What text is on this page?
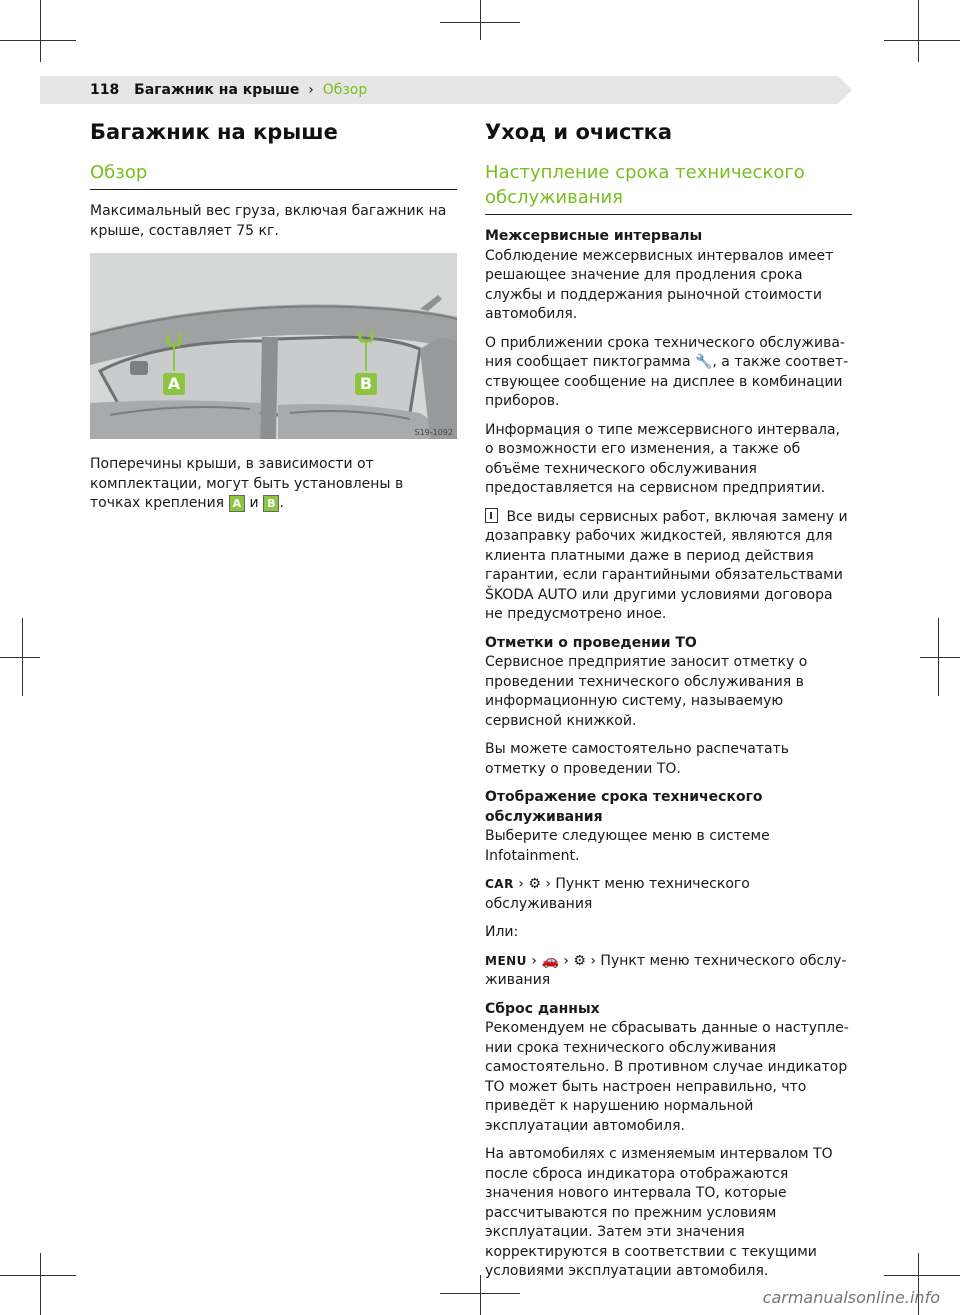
118 Багажник на крыше › Обзор
Багажник на крыше
Обзор

Максимальный вес груза, включая багажник на крыше, составляет 75 кг.

A	B
S19-1092

Поперечины крыши, в зависимости от комплектации, могут быть установлены в точках крепления A и B .

Уход и очистка
Наступление срока технического обслуживания

Межсервисные интервалы
Соблюдение межсервисных интервалов имеет решающее значение для продления срока службы и поддержания рыночной стоимости автомобиля.

О приближении срока технического обслуживания сообщает пиктограмма 🔧, а также соответствующее сообщение на дисплее в комбинации приборов.

Информация о типе межсервисного интервала, о возможности его изменения, а также об объёме технического обслуживания предоставляется на сервисном предприятии.

Все виды сервисных работ, включая замену и дозаправку рабочих жидкостей, являются для клиента платными даже в период действия гарантии, если гарантийными обязательствами ŠKODA AUTO или другими условиями договора не предусмотрено иное.

Отметки о проведении ТО
Сервисное предприятие заносит отметку о проведении технического обслуживания в информационную систему, называемую сервисной книжкой.

Вы можете самостоятельно распечатать отметку о проведении ТО.

Отображение срока технического обслуживания
Выберите следующее меню в системе Infotainment.

CAR › ⚙ › Пункт меню технического обслуживания

Или:

MENU › 🚗 › ⚙ › Пункт меню технического обслуживания

Сброс данных
Рекомендуем не сбрасывать данные о наступлении срока технического обслуживания самостоятельно. В противном случае индикатор ТО может быть настроен неправильно, что приведёт к нарушению нормальной эксплуатации автомобиля.

На автомобилях с изменяемым интервалом ТО после сброса индикатора отображаются значения нового интервала ТО, которые рассчитываются по прежним условиям эксплуатации. Затем эти значения корректируются в соответствии с текущими условиями эксплуатации автомобиля.

carmanualsonline.info
